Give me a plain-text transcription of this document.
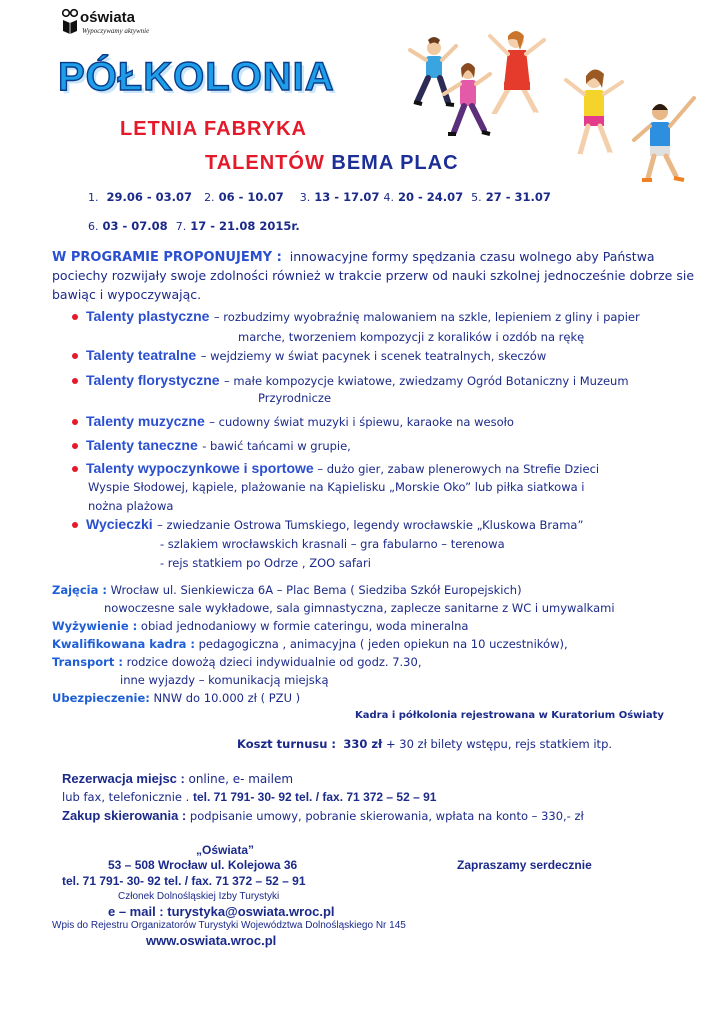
oświata
Wypoczywamy aktywnie
PÓŁKOLONIA
LETNIA FABRYKA
TALENTÓW BEMA PLAC
1. 29.06 - 03.07 2. 06 - 10.07 3. 13 - 17.07 4. 20 - 24.07 5. 27 - 31.07
6. 03 - 07.08 7. 17 - 21.08 2015r.
W PROGRAMIE PROPONUJEMY : innowacyjne formy spędzania czasu wolnego aby Państwa
pociechy rozwijały swoje zdolności również w trakcie przerw od nauki szkolnej jednocześnie dobrze sie
bawiąc i wypoczywając.
Talenty plastyczne – rozbudzimy wyobraźnię malowaniem na szkle, lepieniem z gliny i papier
marche, tworzeniem kompozycji z koralików i ozdób na rękę
Talenty teatralne – wejdziemy w świat pacynek i scenek teatralnych, skeczów
Talenty florystyczne – małe kompozycje kwiatowe, zwiedzamy Ogród Botaniczny i Muzeum
Przyrodnicze
Talenty muzyczne – cudowny świat muzyki i śpiewu, karaoke na wesoło
Talenty taneczne - bawić tańcami w grupie,
Talenty wypoczynkowe i sportowe – dużo gier, zabaw plenerowych na Strefie Dzieci
Wyspie Słodowej, kąpiele, plażowanie na Kąpielisku „Morskie Oko” lub piłka siatkowa i
nożna plażowa
Wycieczki – zwiedzanie Ostrowa Tumskiego, legendy wrocławskie „Kluskowa Brama”
- szlakiem wrocławskich krasnali – gra fabularno – terenowa
- rejs statkiem po Odrze , ZOO safari
Zajęcia : Wrocław ul. Sienkiewicza 6A – Plac Bema ( Siedziba Szkół Europejskich)
nowoczesne sale wykładowe, sala gimnastyczna, zaplecze sanitarne z WC i umywalkami
Wyżywienie : obiad jednodaniowy w formie cateringu, woda mineralna
Kwalifikowana kadra : pedagogiczna , animacyjna ( jeden opiekun na 10 uczestników),
Transport : rodzice dowożą dzieci indywidualnie od godz. 7.30,
inne wyjazdy – komunikacją miejską
Ubezpieczenie: NNW do 10.000 zł ( PZU )
Kadra i półkolonia rejestrowana w Kuratorium Oświaty
Koszt turnusu : 330 zł + 30 zł bilety wstępu, rejs statkiem itp.
Rezerwacja miejsc : online, e- mailem
lub fax, telefonicznie . tel. 71 791- 30- 92 tel. / fax. 71 372 – 52 – 91
Zakup skierowania : podpisanie umowy, pobranie skierowania, wpłata na konto – 330,- zł
„Oświata”
53 – 508 Wrocław ul. Kolejowa 36	Zapraszamy serdecznie
tel. 71 791- 30- 92 tel. / fax. 71 372 – 52 – 91
Członek Dolnośląskiej Izby Turystyki
e – mail : turystyka@oswiata.wroc.pl
Wpis do Rejestru Organizatorów Turystyki Województwa Dolnośląskiego Nr 145
www.oswiata.wroc.pl
